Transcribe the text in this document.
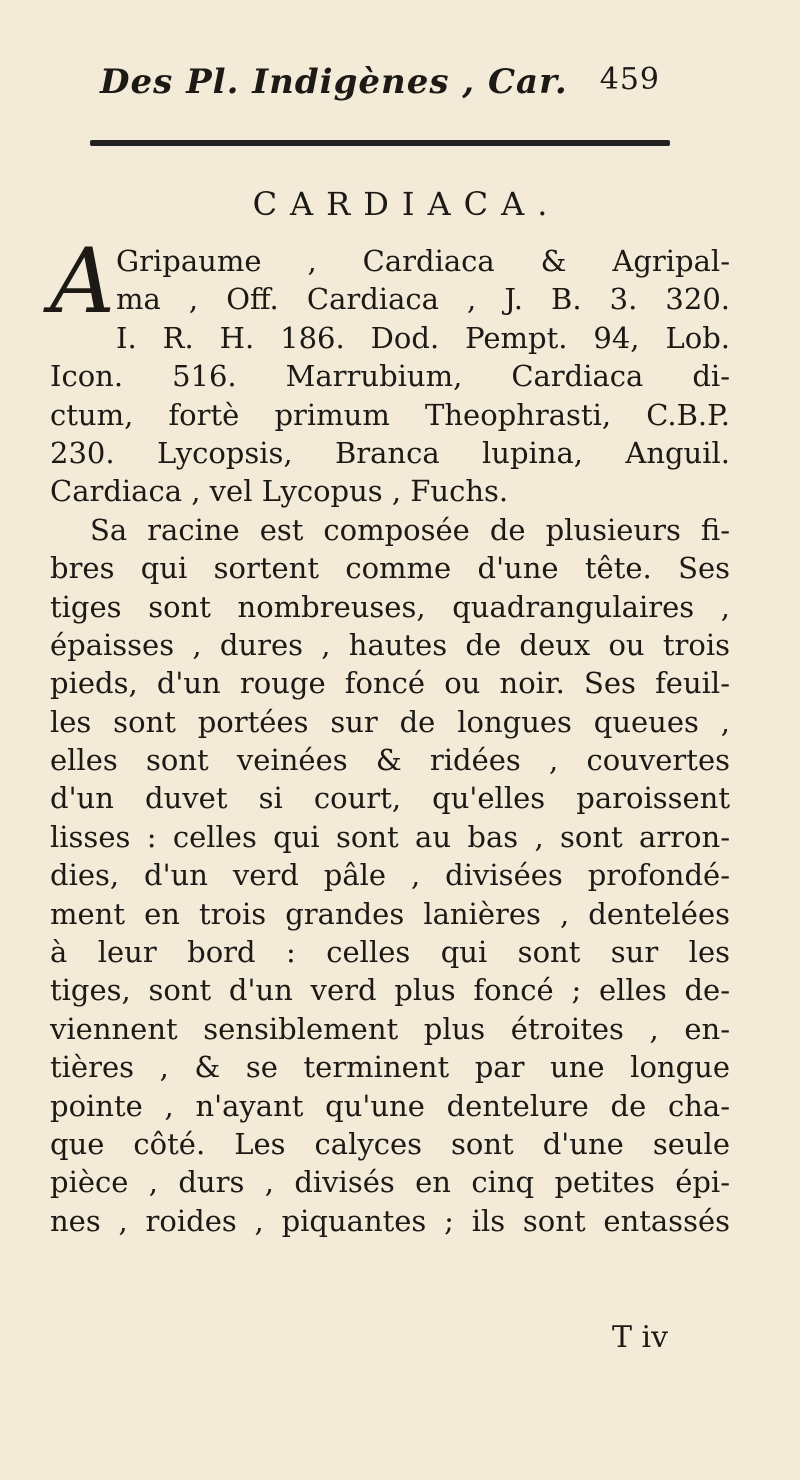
Des Pl. Indigènes , Car. 459
CARDIACA.
A Gripaume , Cardiaca & Agripal-
ma , Off. Cardiaca , J. B. 3. 320.
I. R. H. 186. Dod. Pempt. 94, Lob.
Icon. 516. Marrubium, Cardiaca di-
ctum, fortè primum Theophrasti, C.B.P.
230. Lycopsis, Branca lupina, Anguil.
Cardiaca , vel Lycopus , Fuchs.
Sa racine est composée de plusieurs fi-
bres qui sortent comme d'une tête. Ses
tiges sont nombreuses, quadrangulaires ,
épaisses , dures , hautes de deux ou trois
pieds, d'un rouge foncé ou noir. Ses feuil-
les sont portées sur de longues queues ,
elles sont veinées & ridées , couvertes
d'un duvet si court, qu'elles paroissent
lisses : celles qui sont au bas , sont arron-
dies, d'un verd pâle , divisées profondé-
ment en trois grandes lanières , dentelées
à leur bord : celles qui sont sur les
tiges, sont d'un verd plus foncé ; elles de-
viennent sensiblement plus étroites , en-
tières , & se terminent par une longue
pointe , n'ayant qu'une dentelure de cha-
que côté. Les calyces sont d'une seule
pièce , durs , divisés en cinq petites épi-
nes , roides , piquantes ; ils sont entassés
T iv
